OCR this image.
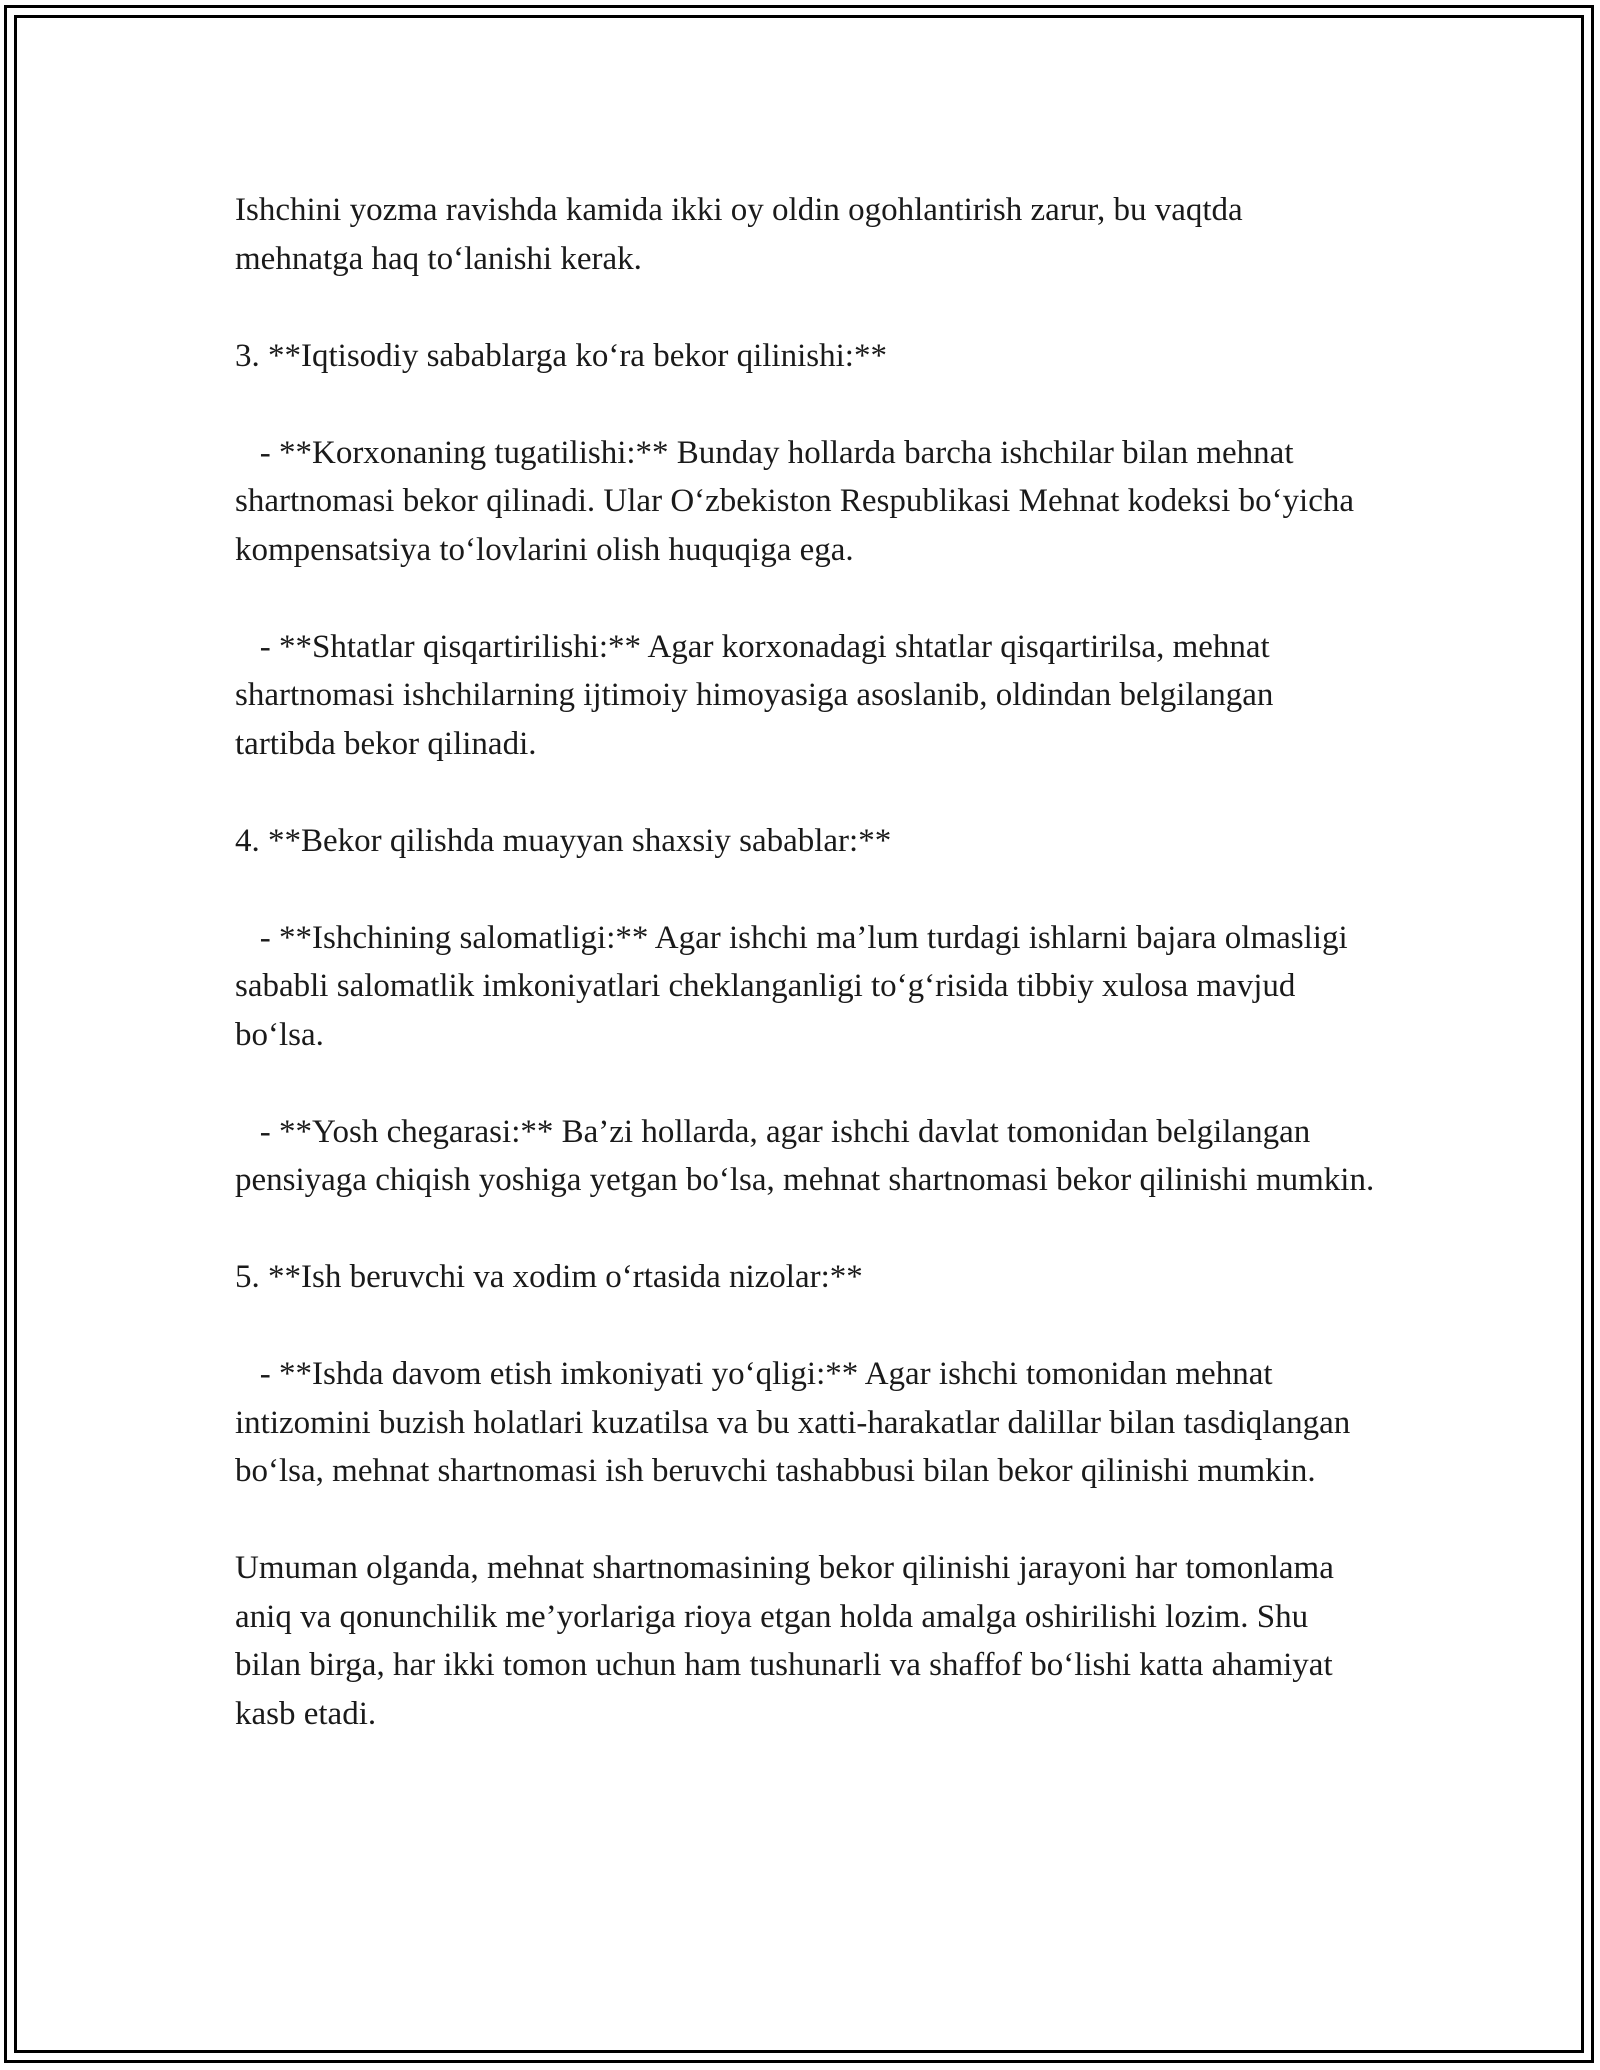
Ishchini yozma ravishda kamida ikki oy oldin ogohlantirish zarur, bu vaqtda mehnatga haq to‘lanishi kerak.

3. **Iqtisodiy sabablarga ko‘ra bekor qilinishi:**

- **Korxonaning tugatilishi:** Bunday hollarda barcha ishchilar bilan mehnat shartnomasi bekor qilinadi. Ular O‘zbekiston Respublikasi Mehnat kodeksi bo‘yicha kompensatsiya to‘lovlarini olish huquqiga ega.

- **Shtatlar qisqartirilishi:** Agar korxonadagi shtatlar qisqartirilsa, mehnat shartnomasi ishchilarning ijtimoiy himoyasiga asoslanib, oldindan belgilangan tartibda bekor qilinadi.

4. **Bekor qilishda muayyan shaxsiy sabablar:**

- **Ishchining salomatligi:** Agar ishchi ma’lum turdagi ishlarni bajara olmasligi sababli salomatlik imkoniyatlari cheklanganligi to‘g‘risida tibbiy xulosa mavjud bo‘lsa.

- **Yosh chegarasi:** Ba’zi hollarda, agar ishchi davlat tomonidan belgilangan pensiyaga chiqish yoshiga yetgan bo‘lsa, mehnat shartnomasi bekor qilinishi mumkin.

5. **Ish beruvchi va xodim o‘rtasida nizolar:**

- **Ishda davom etish imkoniyati yo‘qligi:** Agar ishchi tomonidan mehnat intizomini buzish holatlari kuzatilsa va bu xatti-harakatlar dalillar bilan tasdiqlangan bo‘lsa, mehnat shartnomasi ish beruvchi tashabbusi bilan bekor qilinishi mumkin.

Umuman olganda, mehnat shartnomasining bekor qilinishi jarayoni har tomonlama aniq va qonunchilik me’yorlariga rioya etgan holda amalga oshirilishi lozim. Shu bilan birga, har ikki tomon uchun ham tushunarli va shaffof bo‘lishi katta ahamiyat kasb etadi.
